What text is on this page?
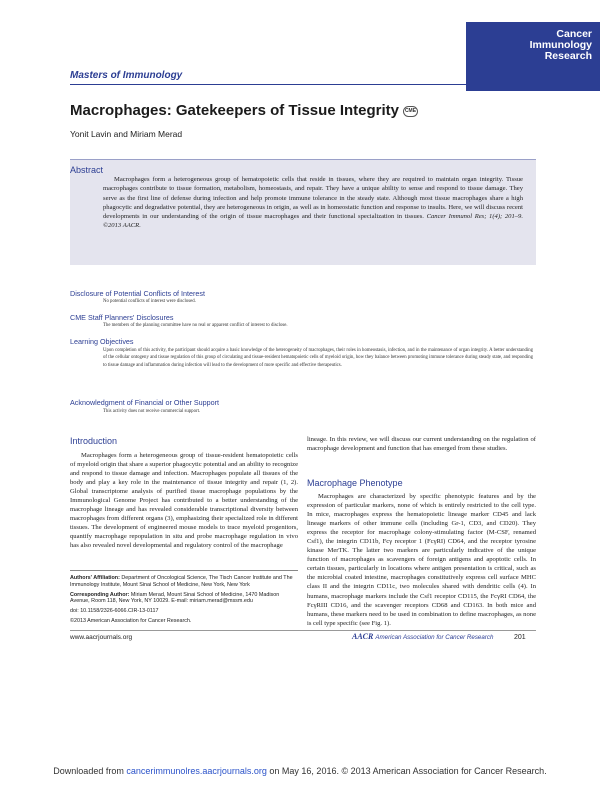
Cancer
Immunology
Research
Masters of Immunology
Macrophages: Gatekeepers of Tissue Integrity CME
Yonit Lavin and Miriam Merad
Abstract
Macrophages form a heterogeneous group of hematopoietic cells that reside in tissues, where they are required to maintain organ integrity. Tissue macrophages contribute to tissue formation, metabolism, homeostasis, and repair. They have a unique ability to sense and respond to tissue damage. They serve as the first line of defense during infection and help promote immune tolerance in the steady state. Although most tissue macrophages share a high phagocytic and degradative potential, they are heterogeneous in origin, as well as in homeostatic function and response to insults. Here, we will discuss recent developments in our understanding of the origin of tissue macrophages and their functional specialization in tissues. Cancer Immunol Res; 1(4); 201–9. ©2013 AACR.
Disclosure of Potential Conflicts of Interest
No potential conflicts of interest were disclosed.
CME Staff Planners' Disclosures
The members of the planning committee have no real or apparent conflict of interest to disclose.
Learning Objectives
Upon completion of this activity, the participant should acquire a basic knowledge of the heterogeneity of macrophages, their roles in homeostasis, infection, and in the maintenance of organ integrity. A better understanding of the cellular ontogeny and tissue regulation of this group of circulating and tissue-resident hematopoietic cells of myeloid origin, how they balance between promoting immune tolerance during steady state, and responding to tissue damage and inflammation during infection will lead to the development of more specific and effective therapeutics.
Acknowledgment of Financial or Other Support
This activity does not receive commercial support.
Introduction

Macrophages form a heterogeneous group of tissue-resident hematopoietic cells of myeloid origin that share a superior phagocytic potential and an ability to recognize and respond to tissue damage and infection. Macrophages populate all tissues of the body and play a key role in the maintenance of tissue integrity and repair (1, 2). Global transcriptome analysis of purified tissue macrophage populations by the Immunological Genome Project has contributed to a better understanding of the macrophage lineage and has revealed considerable transcriptional diversity between macrophages from different organs (3), emphasizing their specialized role in different tissues. The development of engineered mouse models to trace myeloid progenitors, quantify macrophage repopulation in situ and probe macrophage regulation in vivo has also revealed novel developmental and regulatory control of the macrophage

Authors' Affiliation: Department of Oncological Science, The Tisch Cancer Institute and The Immunology Institute, Mount Sinai School of Medicine, New York, New York

Corresponding Author: Miriam Merad, Mount Sinai School of Medicine, 1470 Madison Avenue, Room 118, New York, NY 10029. E-mail: miriam.merad@mssm.edu

doi: 10.1158/2326-6066.CIR-13-0117

©2013 American Association for Cancer Research.

lineage. In this review, we will discuss our current understanding on the regulation of macrophage development and function that has emerged from these studies.
Macrophage Phenotype

Macrophages are characterized by specific phenotypic features and by the expression of particular markers, none of which is entirely restricted to the cell type. In mice, macrophages express the hematopoietic lineage marker CD45 and lack lineage markers of other immune cells (including Gr-1, CD3, and CD20). They express the receptor for macrophage colony-stimulating factor (M-CSF, renamed Csf1), the integrin CD11b, Fcγ receptor 1 (FcγRI) CD64, and the receptor tyrosine kinase MerTK. The latter two markers are particularly indicative of the unique function of macrophages as scavengers of foreign antigens and apoptotic cells. In certain tissues, particularly in locations where antigen presentation is critical, such as the microbial coated intestine, macrophages constitutively express cell surface MHC class II and the integrin CD11c, two molecules shared with dendritic cells (4). In humans, macrophage markers include the Csf1 receptor CD115, the FcγRI CD64, the FcγRIII CD16, and the scavenger receptors CD68 and CD163. In both mice and humans, these markers need to be used in combination to define macrophages, as none is cell type specific (see Fig. 1).

www.aacrjournals.org	AACR American Association for Cancer Research	201
Downloaded from cancerimmunolres.aacrjournals.org on May 16, 2016. © 2013 American Association for Cancer Research.
